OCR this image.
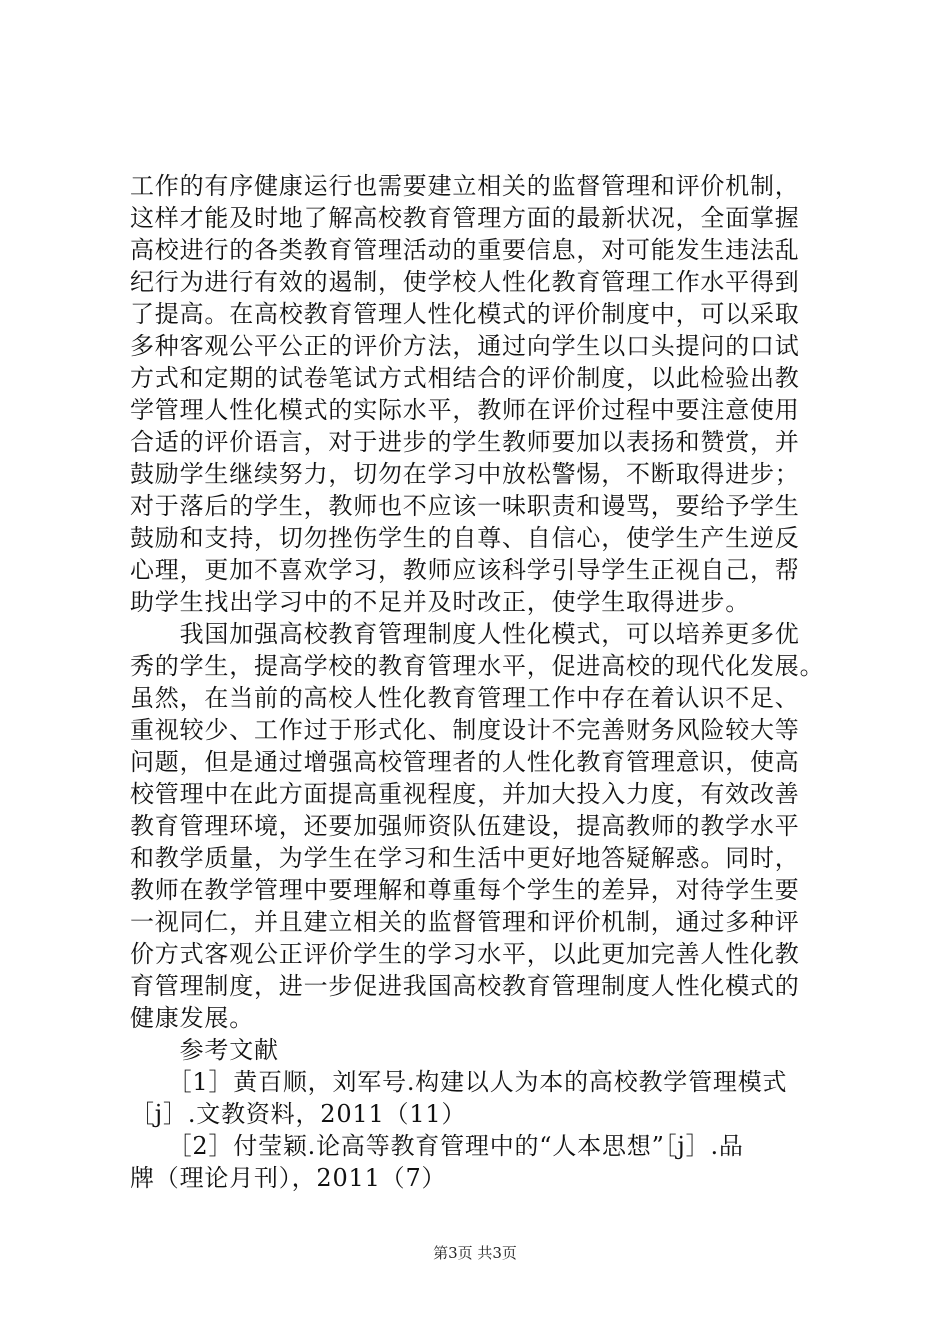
工作的有序健康运行也需要建立相关的监督管理和评价机制，
这样才能及时地了解高校教育管理方面的最新状况，全面掌握
高校进行的各类教育管理活动的重要信息，对可能发生违法乱
纪行为进行有效的遏制，使学校人性化教育管理工作水平得到
了提高。在高校教育管理人性化模式的评价制度中，可以采取
多种客观公平公正的评价方法，通过向学生以口头提问的口试
方式和定期的试卷笔试方式相结合的评价制度，以此检验出教
学管理人性化模式的实际水平，教师在评价过程中要注意使用
合适的评价语言，对于进步的学生教师要加以表扬和赞赏，并
鼓励学生继续努力，切勿在学习中放松警惕，不断取得进步；
对于落后的学生，教师也不应该一味职责和谩骂，要给予学生
鼓励和支持，切勿挫伤学生的自尊、自信心，使学生产生逆反
心理，更加不喜欢学习，教师应该科学引导学生正视自己，帮
助学生找出学习中的不足并及时改正，使学生取得进步。
　　我国加强高校教育管理制度人性化模式，可以培养更多优
秀的学生，提高学校的教育管理水平，促进高校的现代化发展。
虽然，在当前的高校人性化教育管理工作中存在着认识不足、
重视较少、工作过于形式化、制度设计不完善财务风险较大等
问题，但是通过增强高校管理者的人性化教育管理意识，使高
校管理中在此方面提高重视程度，并加大投入力度，有效改善
教育管理环境，还要加强师资队伍建设，提高教师的教学水平
和教学质量，为学生在学习和生活中更好地答疑解惑。同时，
教师在教学管理中要理解和尊重每个学生的差异，对待学生要
一视同仁，并且建立相关的监督管理和评价机制，通过多种评
价方式客观公正评价学生的学习水平，以此更加完善人性化教
育管理制度，进一步促进我国高校教育管理制度人性化模式的
健康发展。
　　参考文献
　　［1］黄百顺，刘军号.构建以人为本的高校教学管理模式
［j］.文教资料，2011（11）
　　［2］付莹颖.论高等教育管理中的“人本思想”［j］.品
牌（理论月刊），2011（7）
第3页 共3页
